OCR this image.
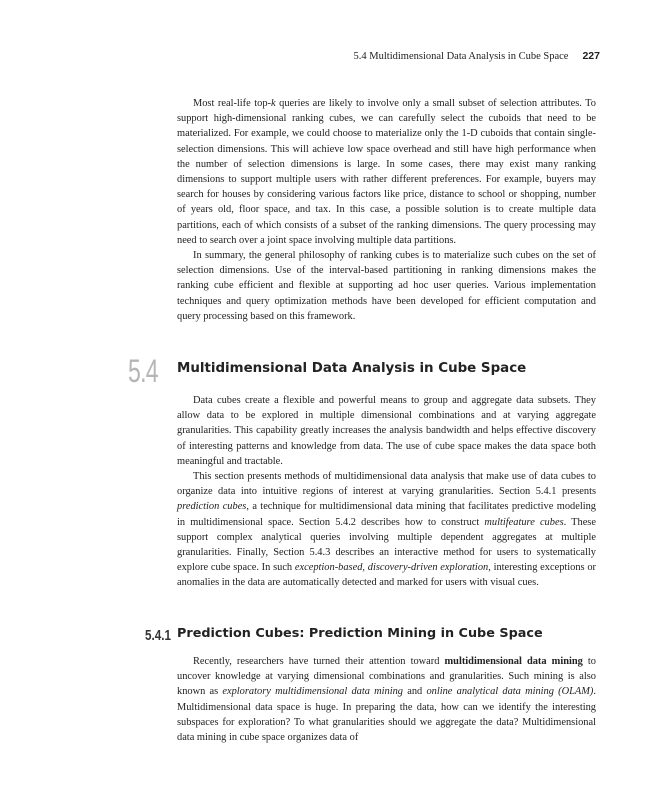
5.4 Multidimensional Data Analysis in Cube Space 227

Most real-life top-k queries are likely to involve only a small subset of selection attributes. To support high-dimensional ranking cubes, we can carefully select the cuboids that need to be materialized. For example, we could choose to materialize only the 1-D cuboids that contain single-selection dimensions. This will achieve low space overhead and still have high performance when the number of selection dimensions is large. In some cases, there may exist many ranking dimensions to support multiple users with rather different preferences. For example, buyers may search for houses by considering various factors like price, distance to school or shopping, number of years old, floor space, and tax. In this case, a possible solution is to create multiple data partitions, each of which consists of a subset of the ranking dimensions. The query processing may need to search over a joint space involving multiple data partitions.

In summary, the general philosophy of ranking cubes is to materialize such cubes on the set of selection dimensions. Use of the interval-based partitioning in ranking dimensions makes the ranking cube efficient and flexible at supporting ad hoc user queries. Various implementation techniques and query optimization methods have been developed for efficient computation and query processing based on this framework.

5.4 Multidimensional Data Analysis in Cube Space

Data cubes create a flexible and powerful means to group and aggregate data subsets. They allow data to be explored in multiple dimensional combinations and at varying aggregate granularities. This capability greatly increases the analysis bandwidth and helps effective discovery of interesting patterns and knowledge from data. The use of cube space makes the data space both meaningful and tractable.

This section presents methods of multidimensional data analysis that make use of data cubes to organize data into intuitive regions of interest at varying granularities. Section 5.4.1 presents prediction cubes, a technique for multidimensional data mining that facilitates predictive modeling in multidimensional space. Section 5.4.2 describes how to construct multifeature cubes. These support complex analytical queries involving multiple dependent aggregates at multiple granularities. Finally, Section 5.4.3 describes an interactive method for users to systematically explore cube space. In such exception-based, discovery-driven exploration, interesting exceptions or anomalies in the data are automatically detected and marked for users with visual cues.

5.4.1 Prediction Cubes: Prediction Mining in Cube Space

Recently, researchers have turned their attention toward multidimensional data mining to uncover knowledge at varying dimensional combinations and granularities. Such mining is also known as exploratory multidimensional data mining and online analytical data mining (OLAM). Multidimensional data space is huge. In preparing the data, how can we identify the interesting subspaces for exploration? To what granularities should we aggregate the data? Multidimensional data mining in cube space organizes data of
